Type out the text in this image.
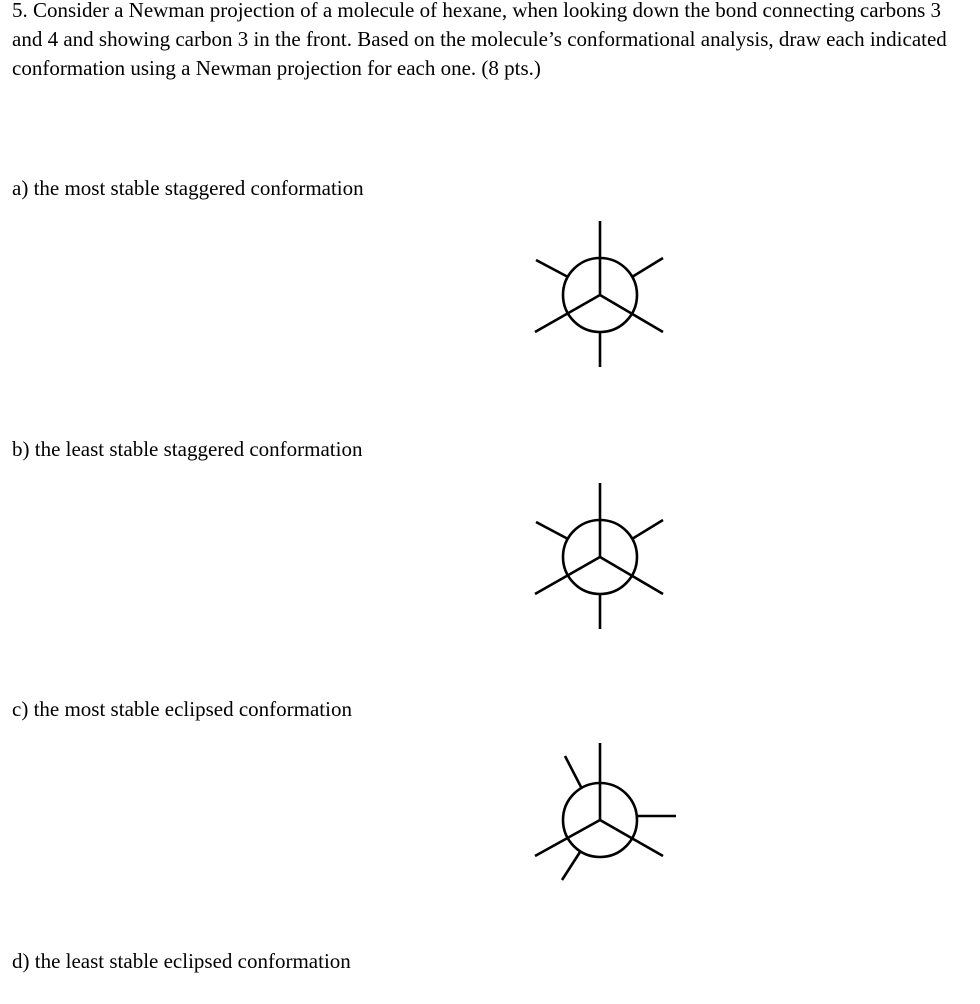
5. Consider a Newman projection of a molecule of hexane, when looking down the bond connecting carbons 3 and 4 and showing carbon 3 in the front. Based on the molecule’s conformational analysis, draw each indicated conformation using a Newman projection for each one. (8 pts.)

a) the most stable staggered conformation

b) the least stable staggered conformation

c) the most stable eclipsed conformation

d) the least stable eclipsed conformation
